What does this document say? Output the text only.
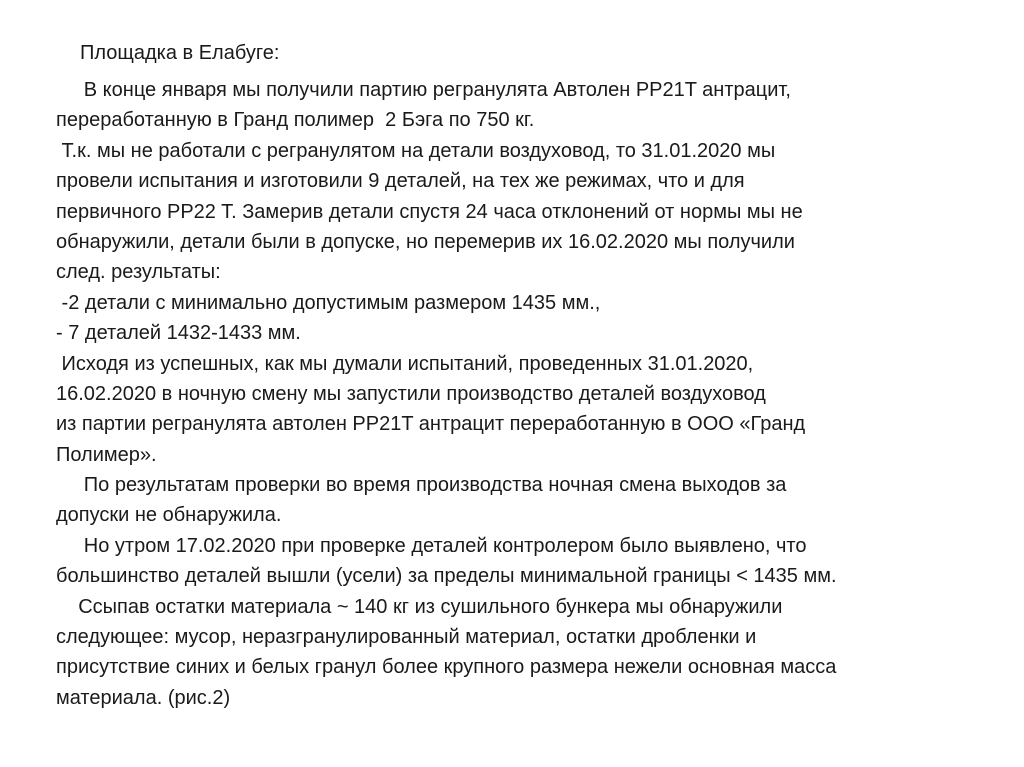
Площадка в Елабуге:
В конце января мы получили партию регранулята Автолен PP21T антрацит,
переработанную в Гранд полимер  2 Бэга по 750 кг.
Т.к. мы не работали с регранулятом на детали воздуховод, то 31.01.2020 мы
провели испытания и изготовили 9 деталей, на тех же режимах, что и для
первичного PP22 T. Замерив детали спустя 24 часа отклонений от нормы мы не
обнаружили, детали были в допуске, но перемерив их 16.02.2020 мы получили
след. результаты:
-2 детали с минимально допустимым размером 1435 мм.,
- 7 деталей 1432-1433 мм.
Исходя из успешных, как мы думали испытаний, проведенных 31.01.2020,
16.02.2020 в ночную смену мы запустили производство деталей воздуховод
из партии регранулята автолен PP21T антрацит переработанную в ООО «Гранд
Полимер».
По результатам проверки во время производства ночная смена выходов за
допуски не обнаружила.
Но утром 17.02.2020 при проверке деталей контролером было выявлено, что
большинство деталей вышли (усели) за пределы минимальной границы < 1435 мм.
Ссыпав остатки материала ~ 140 кг из сушильного бункера мы обнаружили
следующее: мусор, неразгранулированный материал, остатки дробленки и
присутствие синих и белых гранул более крупного размера нежели основная масса
материала. (рис.2)
